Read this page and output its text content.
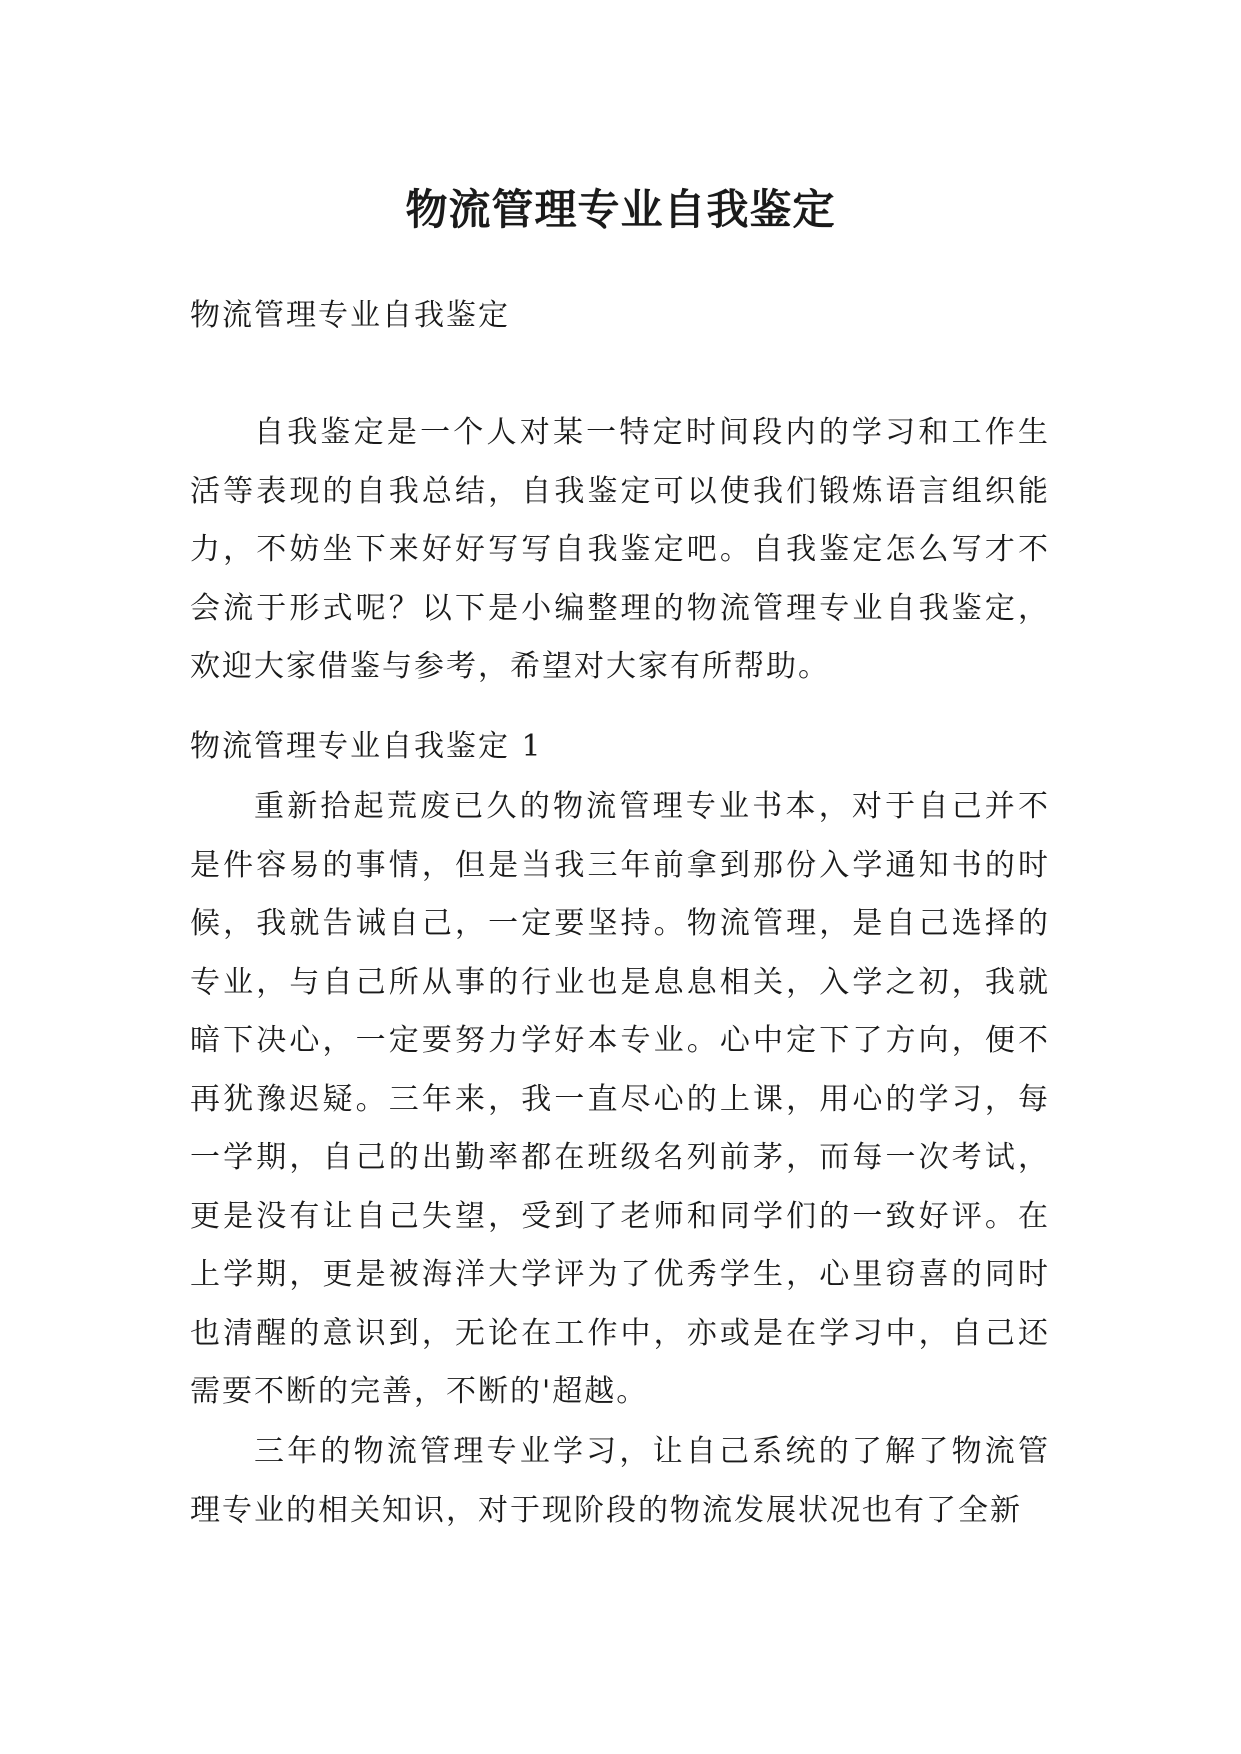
物流管理专业自我鉴定

物流管理专业自我鉴定

自我鉴定是一个人对某一特定时间段内的学习和工作生活等表现的自我总结，自我鉴定可以使我们锻炼语言组织能力，不妨坐下来好好写写自我鉴定吧。自我鉴定怎么写才不会流于形式呢？以下是小编整理的物流管理专业自我鉴定，欢迎大家借鉴与参考，希望对大家有所帮助。

物流管理专业自我鉴定 1

重新拾起荒废已久的物流管理专业书本，对于自己并不是件容易的事情，但是当我三年前拿到那份入学通知书的时候，我就告诫自己，一定要坚持。物流管理，是自己选择的专业，与自己所从事的行业也是息息相关，入学之初，我就暗下决心，一定要努力学好本专业。心中定下了方向，便不再犹豫迟疑。三年来，我一直尽心的上课，用心的学习，每一学期，自己的出勤率都在班级名列前茅，而每一次考试，更是没有让自己失望，受到了老师和同学们的一致好评。在上学期，更是被海洋大学评为了优秀学生，心里窃喜的同时也清醒的意识到，无论在工作中，亦或是在学习中，自己还需要不断的完善，不断的'超越。

三年的物流管理专业学习，让自己系统的了解了物流管理专业的相关知识，对于现阶段的物流发展状况也有了全新
